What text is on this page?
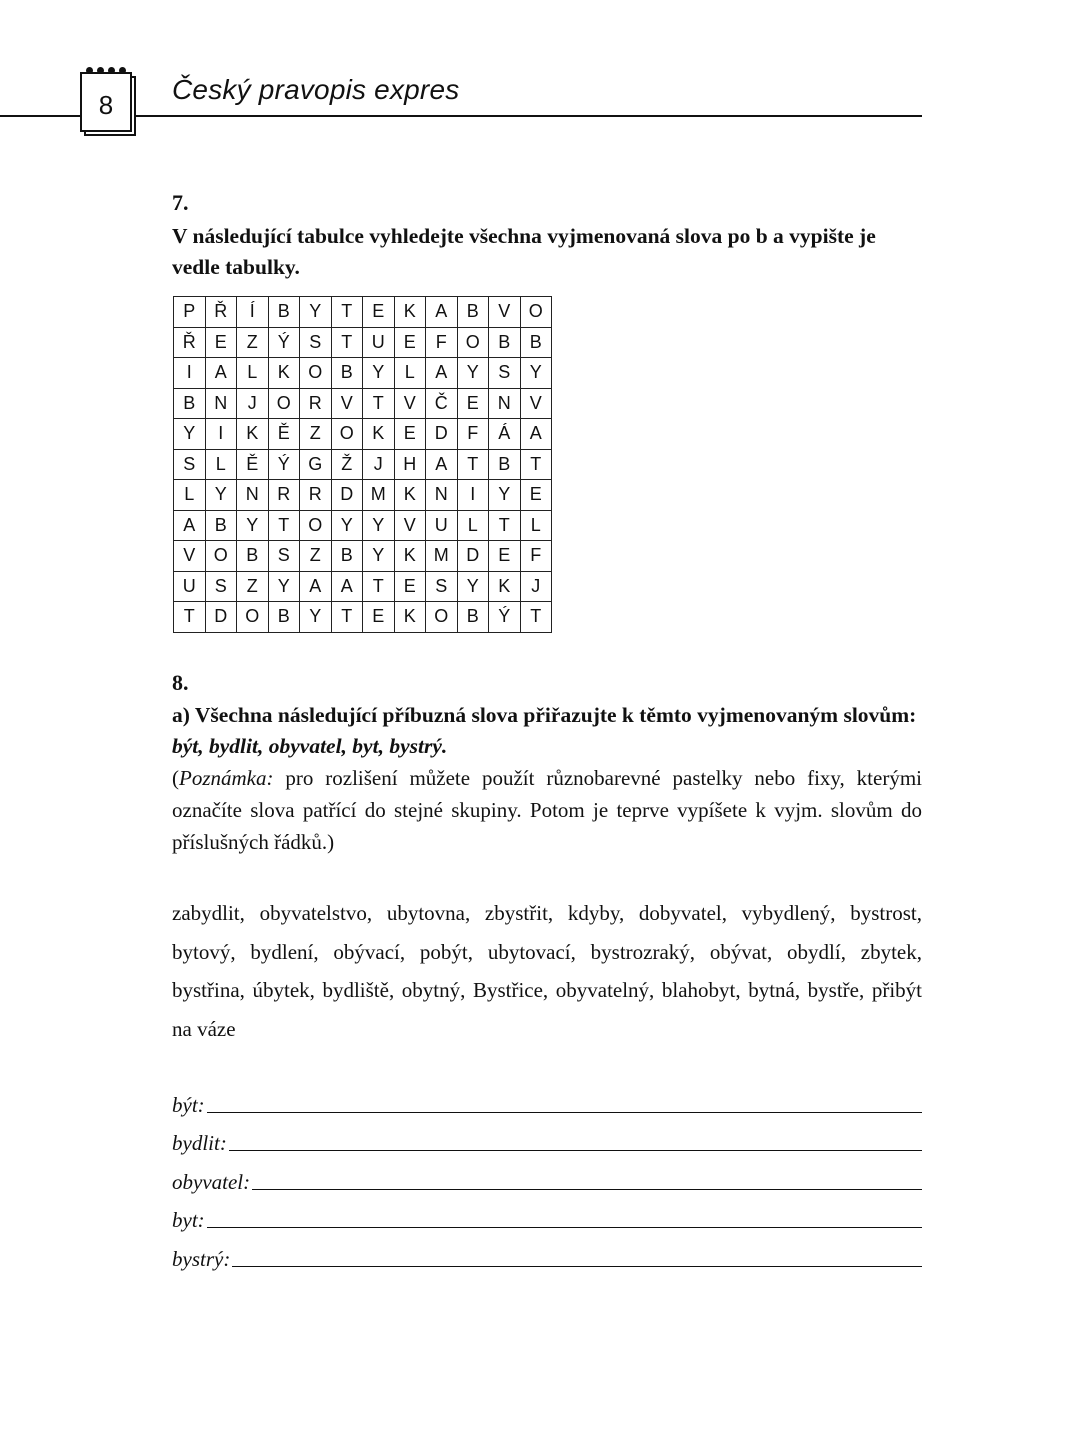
8	Český pravopis expres
7.
V následující tabulce vyhledejte všechna vyjmenovaná slova po b a vypište je vedle tabulky.
P	Ř	Í	B	Y	T	E	K	A	B	V	O
Ř	E	Z	Ý	S	T	U	E	F	O	B	B
I	A	L	K	O	B	Y	L	A	Y	S	Y
B	N	J	O	R	V	T	V	Č	E	N	V
Y	I	K	Ě	Z	O	K	E	D	F	Á	A
S	L	Ě	Ý	G	Ž	J	H	A	T	B	T
L	Y	N	R	R	D	M	K	N	I	Y	E
A	B	Y	T	O	Y	Y	V	U	L	T	L
V	O	B	S	Z	B	Y	K	M	D	E	F
U	S	Z	Y	A	A	T	E	S	Y	K	J
T	D	O	B	Y	T	E	K	O	B	Ý	T
8.
a) Všechna následující příbuzná slova přiřazujte k těmto vyjmenovaným slovům: být, bydlit, obyvatel, byt, bystrý.
(Poznámka: pro rozlišení můžete použít různobarevné pastelky nebo fixy, kterými označíte slova patřící do stejné skupiny. Potom je teprve vypíšete k vyjm. slovům do příslušných řádků.)
zabydlit, obyvatelstvo, ubytovna, zbystřit, kdyby, dobyvatel, vybydlený, bystrost, bytový, bydlení, obývací, pobýt, ubytovací, bystrozraký, obývat, obydlí, zbytek, bystřina, úbytek, bydliště, obytný, Bystřice, obyvatelný, blahobyt, bytná, bystře, přibýt na váze
být:
bydlit:
obyvatel:
byt:
bystrý:
